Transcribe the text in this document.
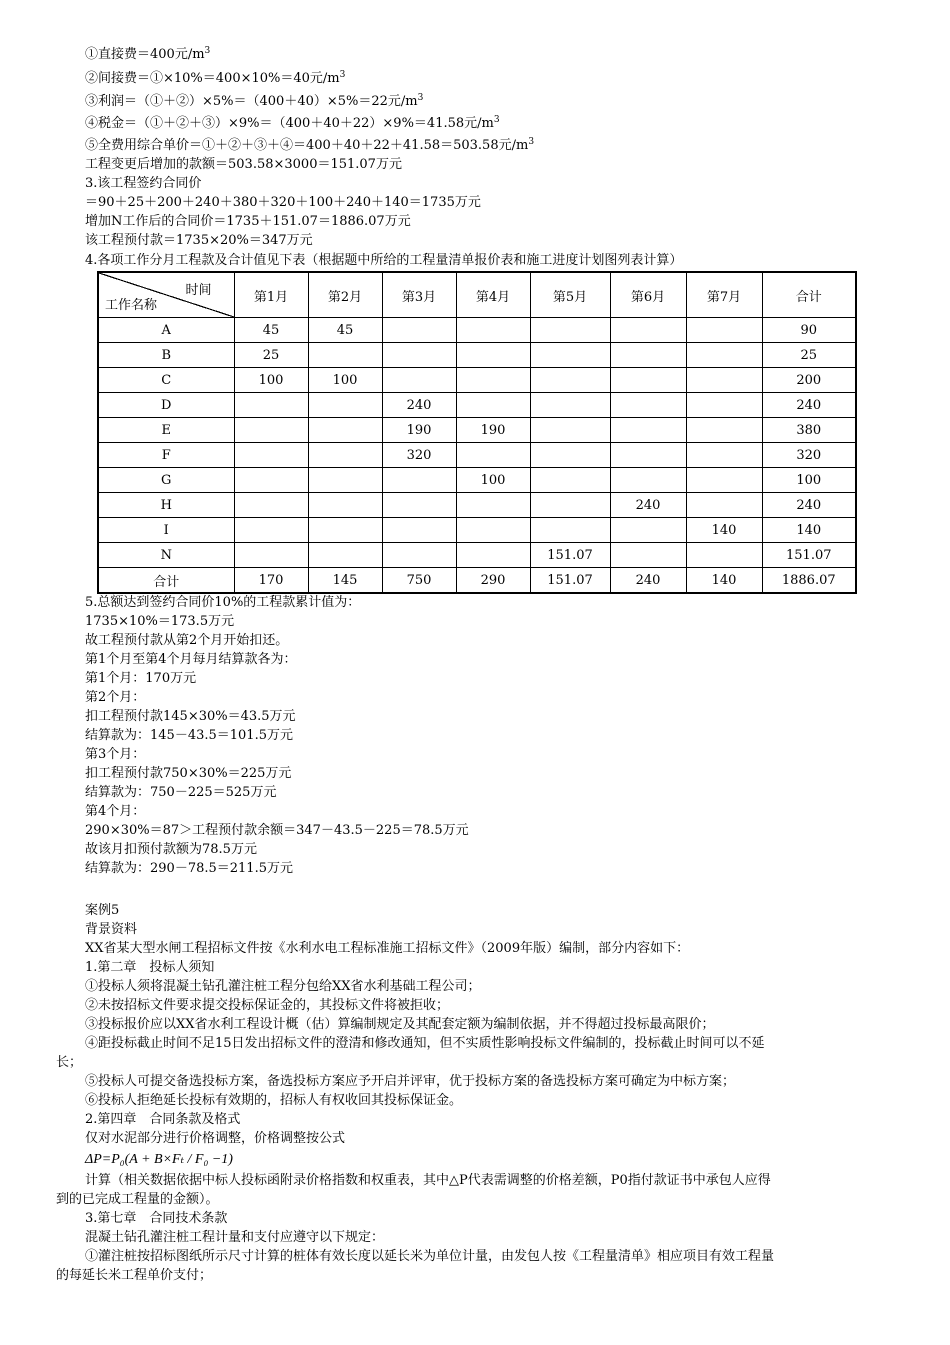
①直接费＝400元$/m^3$
②间接费＝①×10%＝400×10%＝40元$/m^3$
③利润＝（①＋②）×5%＝（400＋40）×5%＝22元$/m^3$
④税金＝（①＋②＋③）×9%＝（400＋40＋22）×9%＝41.58元$/m^3$
⑤全费用综合单价＝①＋②＋③＋④＝400＋40＋22＋41.58＝503.58元$/m^3$
工程变更后增加的款额＝503.58×3000＝151.07万元
3.该工程签约合同价
＝90＋25＋200＋240＋380＋320＋100＋240＋140＝1735万元
增加N工作后的合同价＝1735＋151.07＝1886.07万元
该工程预付款＝1735×20%＝347万元
4.各项工作分月工程款及合计值见下表（根据题中所给的工程量清单报价表和施工进度计划图列表计算）
时间
工作名称	第1月	第2月	第3月	第4月	第5月	第6月	第7月	合计
A	45	45						90
B	25							25
C	100	100						200
D			240					240
E			190	190				380
F			320					320
G				100				100
H						240		240
I							140	140
N					151.07			151.07
合计	170	145	750	290	151.07	240	140	1886.07
5.总额达到签约合同价10%的工程款累计值为：
1735×10%＝173.5万元
故工程预付款从第2个月开始扣还。
第1个月至第4个月每月结算款各为：
第1个月：170万元
第2个月：
扣工程预付款145×30%＝43.5万元
结算款为：145－43.5＝101.5万元
第3个月：
扣工程预付款750×30%＝225万元
结算款为：750－225＝525万元
第4个月：
290×30%＝87＞工程预付款余额＝347－43.5－225＝78.5万元
故该月扣预付款额为78.5万元
结算款为：290－78.5＝211.5万元
案例5
背景资料
XX省某大型水闸工程招标文件按《水利水电工程标准施工招标文件》（2009年版）编制，部分内容如下：
1.第二章　投标人须知
①投标人须将混凝土钻孔灌注桩工程分包给XX省水利基础工程公司；
②未按招标文件要求提交投标保证金的，其投标文件将被拒收；
③投标报价应以XX省水利工程设计概（估）算编制规定及其配套定额为编制依据，并不得超过投标最高限价；
④距投标截止时间不足15日发出招标文件的澄清和修改通知，但不实质性影响投标文件编制的，投标截止时间可以不延
长；
⑤投标人可提交备选投标方案，备选投标方案应予开启并评审，优于投标方案的备选投标方案可确定为中标方案；
⑥投标人拒绝延长投标有效期的，招标人有权收回其投标保证金。
2.第四章　合同条款及格式
仅对水泥部分进行价格调整，价格调整按公式
ΔP=P₀(A + B×Fₜ / F₀ −1)
计算（相关数据依据中标人投标函附录价格指数和权重表，其中△P代表需调整的价格差额，P0指付款证书中承包人应得
到的已完成工程量的金额）。
3.第七章　合同技术条款
混凝土钻孔灌注桩工程计量和支付应遵守以下规定：
①灌注桩按招标图纸所示尺寸计算的桩体有效长度以延长米为单位计量，由发包人按《工程量清单》相应项目有效工程量
的每延长米工程单价支付；
